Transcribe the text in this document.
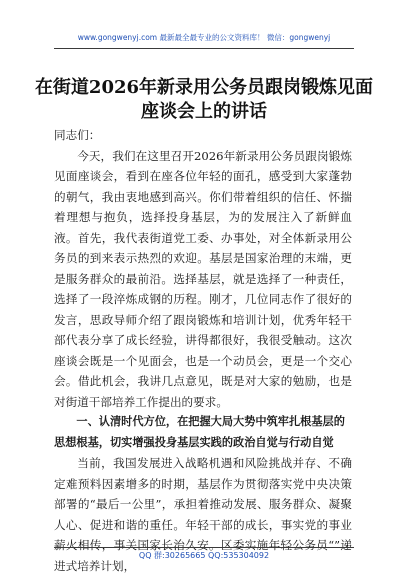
www.gongwenyj.com 最新最全最专业的公文资料库！ 微信：gongwenyj
在街道2026年新录用公务员跟岗锻炼见面
座谈会上的讲话

同志们：

今天，我们在这里召开2026年新录用公务员跟岗锻炼见面座谈会，看到在座各位年轻的面孔，感受到大家蓬勃的朝气，我由衷地感到高兴。你们带着组织的信任、怀揣着理想与抱负，选择投身基层，为的发展注入了新鲜血液。首先，我代表街道党工委、办事处，对全体新录用公务员的到来表示热烈的欢迎。基层是国家治理的末端，更是服务群众的最前沿。选择基层，就是选择了一种责任，选择了一段淬炼成钢的历程。刚才，几位同志作了很好的发言，思政导师介绍了跟岗锻炼和培训计划，优秀年轻干部代表分享了成长经验，讲得都很好，我很受触动。这次座谈会既是一个见面会，也是一个动员会，更是一个交心会。借此机会，我讲几点意见，既是对大家的勉励，也是对街道干部培养工作提出的要求。

一、认清时代方位，在把握大局大势中筑牢扎根基层的思想根基，切实增强投身基层实践的政治自觉与行动自觉

当前，我国发展进入战略机遇和风险挑战并存、不确定难预料因素增多的时期，基层作为贯彻落实党中央决策部署的“最后一公里”，承担着推动发展、服务群众、凝聚人心、促进和谐的重任。年轻干部的成长，事实党的事业薪火相传，事关国家长治久安。区委实施年轻公务员“”递进式培养计划，

QQ 群:30265665 QQ:535304092
